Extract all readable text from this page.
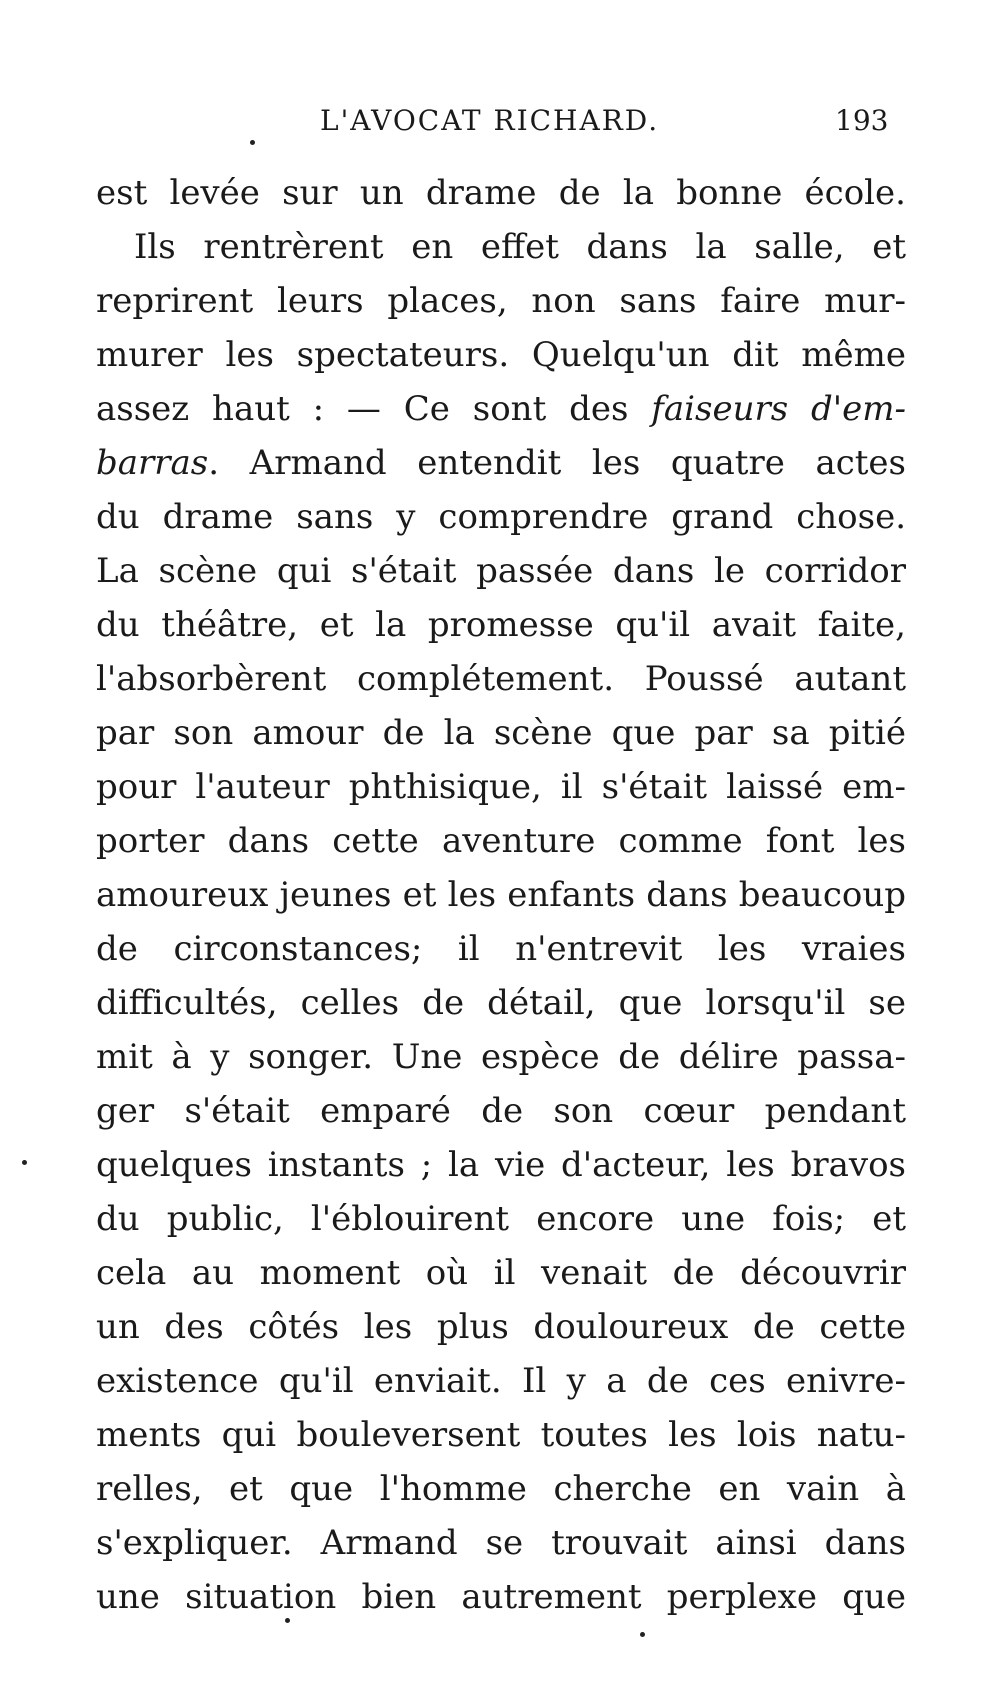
L'AVOCAT RICHARD.	193
est levée sur un drame de la bonne école.
Ils rentrèrent en effet dans la salle, et
reprirent leurs places, non sans faire mur-
murer les spectateurs. Quelqu'un dit même
assez haut : — Ce sont des faiseurs d'em-
barras. Armand entendit les quatre actes
du drame sans y comprendre grand chose.
La scène qui s'était passée dans le corridor
du théâtre, et la promesse qu'il avait faite,
l'absorbèrent complétement. Poussé autant
par son amour de la scène que par sa pitié
pour l'auteur phthisique, il s'était laissé em-
porter dans cette aventure comme font les
amoureux jeunes et les enfants dans beaucoup
de circonstances; il n'entrevit les vraies
difficultés, celles de détail, que lorsqu'il se
mit à y songer. Une espèce de délire passa-
ger s'était emparé de son cœur pendant
quelques instants ; la vie d'acteur, les bravos
du public, l'éblouirent encore une fois; et
cela au moment où il venait de découvrir
un des côtés les plus douloureux de cette
existence qu'il enviait. Il y a de ces enivre-
ments qui bouleversent toutes les lois natu-
relles, et que l'homme cherche en vain à
s'expliquer. Armand se trouvait ainsi dans
une situation bien autrement perplexe que
